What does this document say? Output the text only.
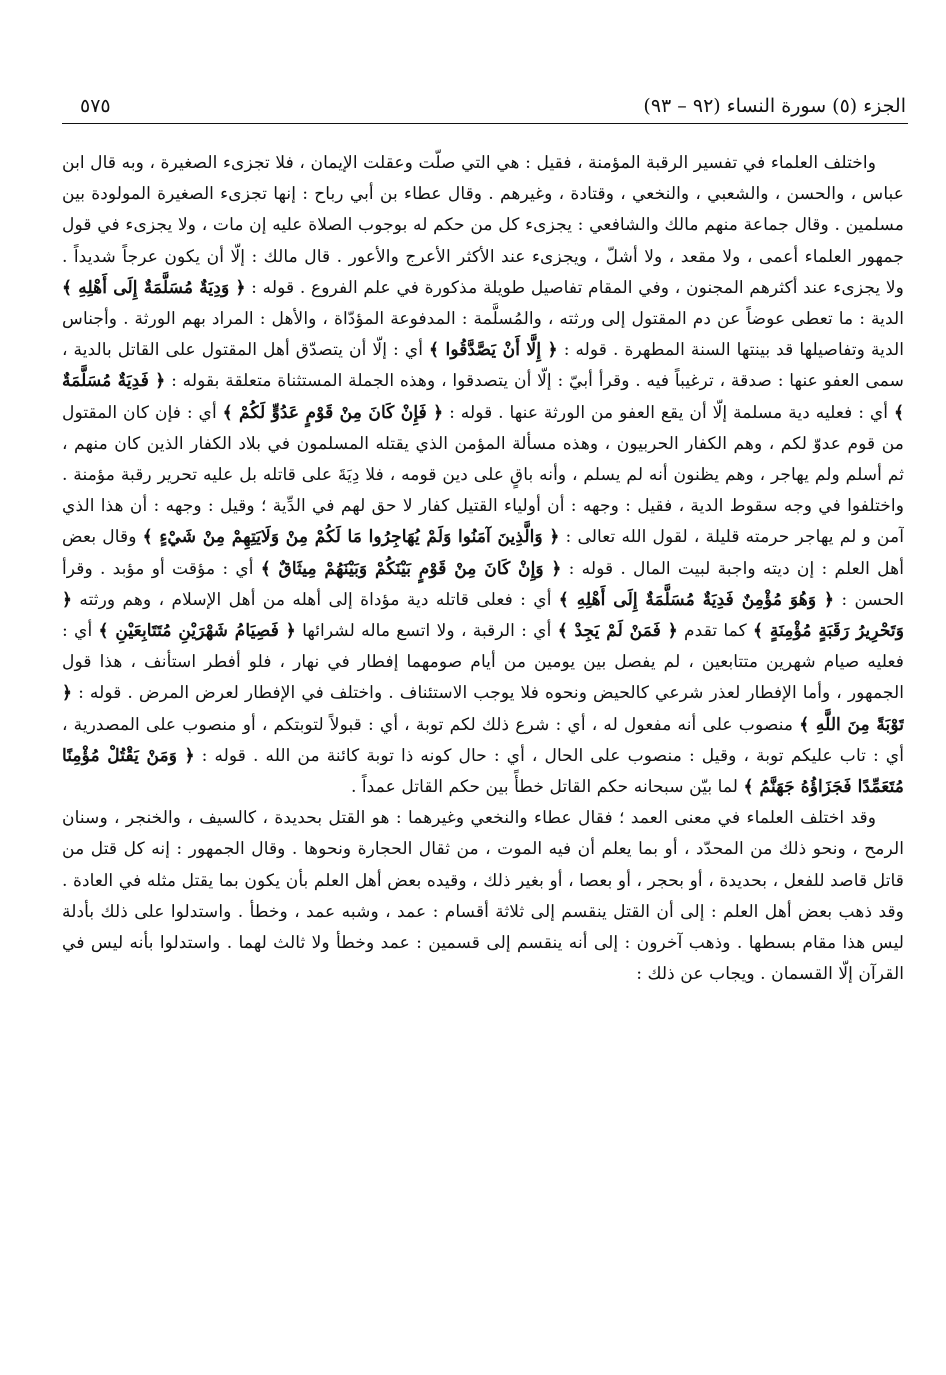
الجزء (٥) سورة النساء (٩٢ – ٩٣)
٥٧٥

واختلف العلماء في تفسير الرقبة المؤمنة ، فقيل : هي التي صلّت وعقلت الإيمان ، فلا تجزىء الصغيرة ، وبه قال ابن عباس ، والحسن ، والشعبي ، والنخعي ، وقتادة ، وغيرهم . وقال عطاء بن أبي رباح : إنها تجزىء الصغيرة المولودة بين مسلمين . وقال جماعة منهم مالك والشافعي : يجزىء كل من حكم له بوجوب الصلاة عليه إن مات ، ولا يجزىء في قول جمهور العلماء أعمى ، ولا مقعد ، ولا أشلّ ، ويجزىء عند الأكثر الأعرج والأعور . قال مالك : إلّا أن يكون عرجاً شديداً . ولا يجزىء عند أكثرهم المجنون ، وفي المقام تفاصيل طويلة مذكورة في علم الفروع . قوله : ﴿ وَدِيَةٌ مُسَلَّمَةٌ إِلَى أَهْلِهِ ﴾ الدية : ما تعطى عوضاً عن دم المقتول إلى ورثته ، والمُسلَّمة : المدفوعة المؤدّاة ، والأهل : المراد بهم الورثة . وأجناس الدية وتفاصيلها قد بينتها السنة المطهرة . قوله : ﴿ إِلَّا أَنْ يَصَّدَّقُوا ﴾ أي : إلّا أن يتصدّق أهل المقتول على القاتل بالدية ، سمى العفو عنها : صدقة ، ترغيباً فيه . وقرأ أبيّ : إلّا أن يتصدقوا ، وهذه الجملة المستثناة متعلقة بقوله : ﴿ فَدِيَةٌ مُسَلَّمَةٌ ﴾ أي : فعليه دية مسلمة إلّا أن يقع العفو من الورثة عنها . قوله : ﴿ فَإِنْ كَانَ مِنْ قَوْمٍ عَدُوٍّ لَكُمْ ﴾ أي : فإن كان المقتول من قوم عدوّ لكم ، وهم الكفار الحربيون ، وهذه مسألة المؤمن الذي يقتله المسلمون في بلاد الكفار الذين كان منهم ، ثم أسلم ولم يهاجر ، وهم يظنون أنه لم يسلم ، وأنه باقٍ على دين قومه ، فلا دِيَةَ على قاتله بل عليه تحرير رقبة مؤمنة . واختلفوا في وجه سقوط الدية ، فقيل : وجهه : أن أولياء القتيل كفار لا حق لهم في الدِّية ؛ وقيل : وجهه : أن هذا الذي آمن و لم يهاجر حرمته قليلة ، لقول الله تعالى : ﴿ وَالَّذِينَ آمَنُوا وَلَمْ يُهَاجِرُوا مَا لَكُمْ مِنْ وَلَايَتِهِمْ مِنْ شَيْءٍ ﴾ وقال بعض أهل العلم : إن ديته واجبة لبيت المال . قوله : ﴿ وَإِنْ كَانَ مِنْ قَوْمٍ بَيْنَكُمْ وَبَيْنَهُمْ مِيثَاقٌ ﴾ أي : مؤقت أو مؤبد . وقرأ الحسن : ﴿ وَهُوَ مُؤْمِنٌ فَدِيَةٌ مُسَلَّمَةٌ إِلَى أَهْلِهِ ﴾ أي : فعلى قاتله دية مؤداة إلى أهله من أهل الإسلام ، وهم ورثته ﴿ وَتَحْرِيرُ رَقَبَةٍ مُؤْمِنَةٍ ﴾ كما تقدم ﴿ فَمَنْ لَمْ يَجِدْ ﴾ أي : الرقبة ، ولا اتسع ماله لشرائها ﴿ فَصِيَامُ شَهْرَيْنِ مُتَتَابِعَيْنِ ﴾ أي : فعليه صيام شهرين متتابعين ، لم يفصل بين يومين من أيام صومهما إفطار في نهار ، فلو أفطر استأنف ، هذا قول الجمهور ، وأما الإفطار لعذر شرعي كالحيض ونحوه فلا يوجب الاستئناف . واختلف في الإفطار لعرض المرض . قوله : ﴿ تَوْبَةً مِنَ اللَّهِ ﴾ منصوب على أنه مفعول له ، أي : شرع ذلك لكم توبة ، أي : قبولاً لتوبتكم ، أو منصوب على المصدرية ، أي : تاب عليكم توبة ، وقيل : منصوب على الحال ، أي : حال كونه ذا توبة كائنة من الله . قوله : ﴿ وَمَنْ يَقْتُلْ مُؤْمِنًا مُتَعَمِّدًا فَجَزَاؤُهُ جَهَنَّمُ ﴾ لما بيّن سبحانه حكم القاتل خطأً بين حكم القاتل عمداً .

وقد اختلف العلماء في معنى العمد ؛ فقال عطاء والنخعي وغيرهما : هو القتل بحديدة ، كالسيف ، والخنجر ، وسنان الرمح ، ونحو ذلك من المحدّد ، أو بما يعلم أن فيه الموت ، من ثقال الحجارة ونحوها . وقال الجمهور : إنه كل قتل من قاتل قاصد للفعل ، بحديدة ، أو بحجر ، أو بعصا ، أو بغير ذلك ، وقيده بعض أهل العلم بأن يكون بما يقتل مثله في العادة . وقد ذهب بعض أهل العلم : إلى أن القتل ينقسم إلى ثلاثة أقسام : عمد ، وشبه عمد ، وخطأ . واستدلوا على ذلك بأدلة ليس هذا مقام بسطها . وذهب آخرون : إلى أنه ينقسم إلى قسمين : عمد وخطأ ولا ثالث لهما . واستدلوا بأنه ليس في القرآن إلّا القسمان . ويجاب عن ذلك :
